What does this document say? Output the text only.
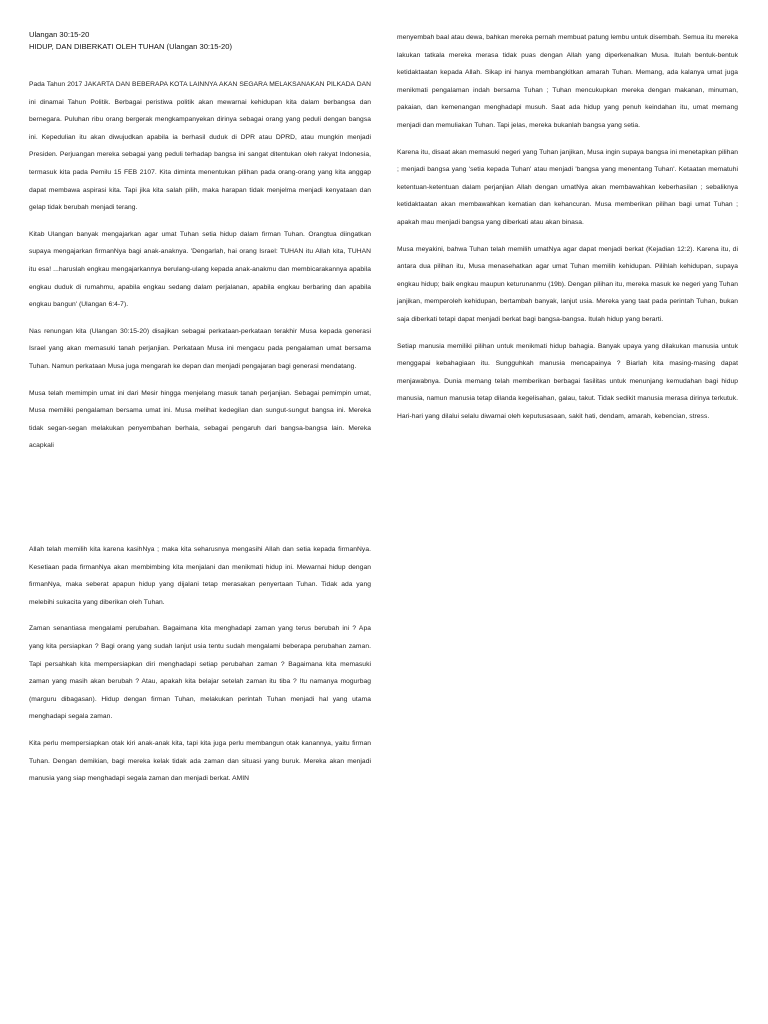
Ulangan 30:15-20

HIDUP, DAN DIBERKATI OLEH TUHAN (Ulangan 30:15-20)

Pada Tahun 2017 JAKARTA DAN BEBERAPA KOTA LAINNYA AKAN SEGARA MELAKSANAKAN PILKADA DAN ini dinamai Tahun Politik. Berbagai peristiwa politik akan mewarnai kehidupan kita dalam berbangsa dan bernegara. Puluhan ribu orang bergerak mengkampanyekan dirinya sebagai orang yang peduli dengan bangsa ini. Kepedulian itu akan diwujudkan apabila ia berhasil duduk di DPR atau DPRD, atau mungkin menjadi Presiden. Perjuangan mereka sebagai yang peduli terhadap bangsa ini sangat ditentukan oleh rakyat Indonesia, termasuk kita pada Pemilu 15 FEB 2107. Kita diminta menentukan pilihan pada orang-orang yang kita anggap dapat membawa aspirasi kita. Tapi jika kita salah pilih, maka harapan tidak menjelma menjadi kenyataan dan gelap tidak berubah menjadi terang.

Kitab Ulangan banyak mengajarkan agar umat Tuhan setia hidup dalam firman Tuhan. Orangtua diingatkan supaya mengajarkan firmanNya bagi anak-anaknya. 'Dengarlah, hai orang Israel: TUHAN itu Allah kita, TUHAN itu esa! ...haruslah engkau mengajarkannya berulang-ulang kepada anak-anakmu dan membicarakannya apabila engkau duduk di rumahmu, apabila engkau sedang dalam perjalanan, apabila engkau berbaring dan apabila engkau bangun' (Ulangan 6:4-7).

Nas renungan kita (Ulangan 30:15-20) disajikan sebagai perkataan-perkataan terakhir Musa kepada generasi Israel yang akan memasuki tanah perjanjian. Perkataan Musa ini mengacu pada pengalaman umat bersama Tuhan. Namun perkataan Musa juga mengarah ke depan dan menjadi pengajaran bagi generasi mendatang.

Musa telah memimpin umat ini dari Mesir hingga menjelang masuk tanah perjanjian. Sebagai pemimpin umat, Musa memiliki pengalaman bersama umat ini. Musa melihat kedegilan dan sungut-sungut bangsa ini. Mereka tidak segan-segan melakukan penyembahan berhala, sebagai pengaruh dari bangsa-bangsa lain. Mereka acapkali

Allah telah memilih kita karena kasihNya ; maka kita seharusnya mengasihi Allah dan setia kepada firmanNya. Kesetiaan pada firmanNya akan membimbing kita menjalani dan menikmati hidup ini. Mewarnai hidup dengan firmanNya, maka seberat apapun hidup yang dijalani tetap merasakan penyertaan Tuhan. Tidak ada yang melebihi sukacita yang diberikan oleh Tuhan.

Zaman senantiasa mengalami perubahan. Bagaimana kita menghadapi zaman yang terus berubah ini ? Apa yang kita persiapkan ? Bagi orang yang sudah lanjut usia tentu sudah mengalami beberapa perubahan zaman. Tapi persahkah kita mempersiapkan diri menghadapi setiap perubahan zaman ? Bagaimana kita memasuki zaman yang masih akan berubah ? Atau, apakah kita belajar setelah zaman itu tiba ? Itu namanya mogurbag (marguru dibagasan). Hidup dengan firman Tuhan, melakukan perintah Tuhan menjadi hal yang utama menghadapi segala zaman.

Kita perlu mempersiapkan otak kiri anak-anak kita, tapi kita juga perlu membangun otak kanannya, yaitu firman Tuhan. Dengan demikian, bagi mereka kelak tidak ada zaman dan situasi yang buruk. Mereka akan menjadi manusia yang siap menghadapi segala zaman dan menjadi berkat. AMIN

menyembah baal atau dewa, bahkan mereka pernah membuat patung lembu untuk disembah. Semua itu mereka lakukan tatkala mereka merasa tidak puas dengan Allah yang diperkenalkan Musa. Itulah bentuk-bentuk ketidaktaatan kepada Allah. Sikap ini hanya membangkitkan amarah Tuhan. Memang, ada kalanya umat juga menikmati pengalaman indah bersama Tuhan ; Tuhan mencukupkan mereka dengan makanan, minuman, pakaian, dan kemenangan menghadapi musuh. Saat ada hidup yang penuh keindahan itu, umat memang menjadi dan memuliakan Tuhan. Tapi jelas, mereka bukanlah bangsa yang setia.

Karena itu, disaat akan memasuki negeri yang Tuhan janjikan, Musa ingin supaya bangsa ini menetapkan pilihan ; menjadi bangsa yang 'setia kepada Tuhan' atau menjadi 'bangsa yang menentang Tuhan'. Ketaatan mematuhi ketentuan-ketentuan dalam perjanjian Allah dengan umatNya akan membawahkan keberhasilan ; sebaliknya ketidaktaatan akan membawahkan kematian dan kehancuran. Musa memberikan pilihan bagi umat Tuhan ; apakah mau menjadi bangsa yang diberkati atau akan binasa.

Musa meyakini, bahwa Tuhan telah memilih umatNya agar dapat menjadi berkat (Kejadian 12:2). Karena itu, di antara dua pilihan itu, Musa menasehatkan agar umat Tuhan memilih kehidupan. Pilihlah kehidupan, supaya engkau hidup; baik engkau maupun keturunanmu (19b). Dengan pilihan itu, mereka masuk ke negeri yang Tuhan janjikan, memperoleh kehidupan, bertambah banyak, lanjut usia. Mereka yang taat pada perintah Tuhan, bukan saja diberkati tetapi dapat menjadi berkat bagi bangsa-bangsa. Itulah hidup yang berarti.

Setiap manusia memiliki pilihan untuk menikmati hidup bahagia. Banyak upaya yang dilakukan manusia untuk menggapai kebahagiaan itu. Sungguhkah manusia mencapainya ? Biarlah kita masing-masing dapat menjawabnya. Dunia memang telah memberikan berbagai fasilitas untuk menunjang kemudahan bagi hidup manusia, namun manusia tetap dilanda kegelisahan, galau, takut. Tidak sedikit manusia merasa dirinya terkutuk. Hari-hari yang dilalui selalu diwarnai oleh keputusasaan, sakit hati, dendam, amarah, kebencian, stress.
